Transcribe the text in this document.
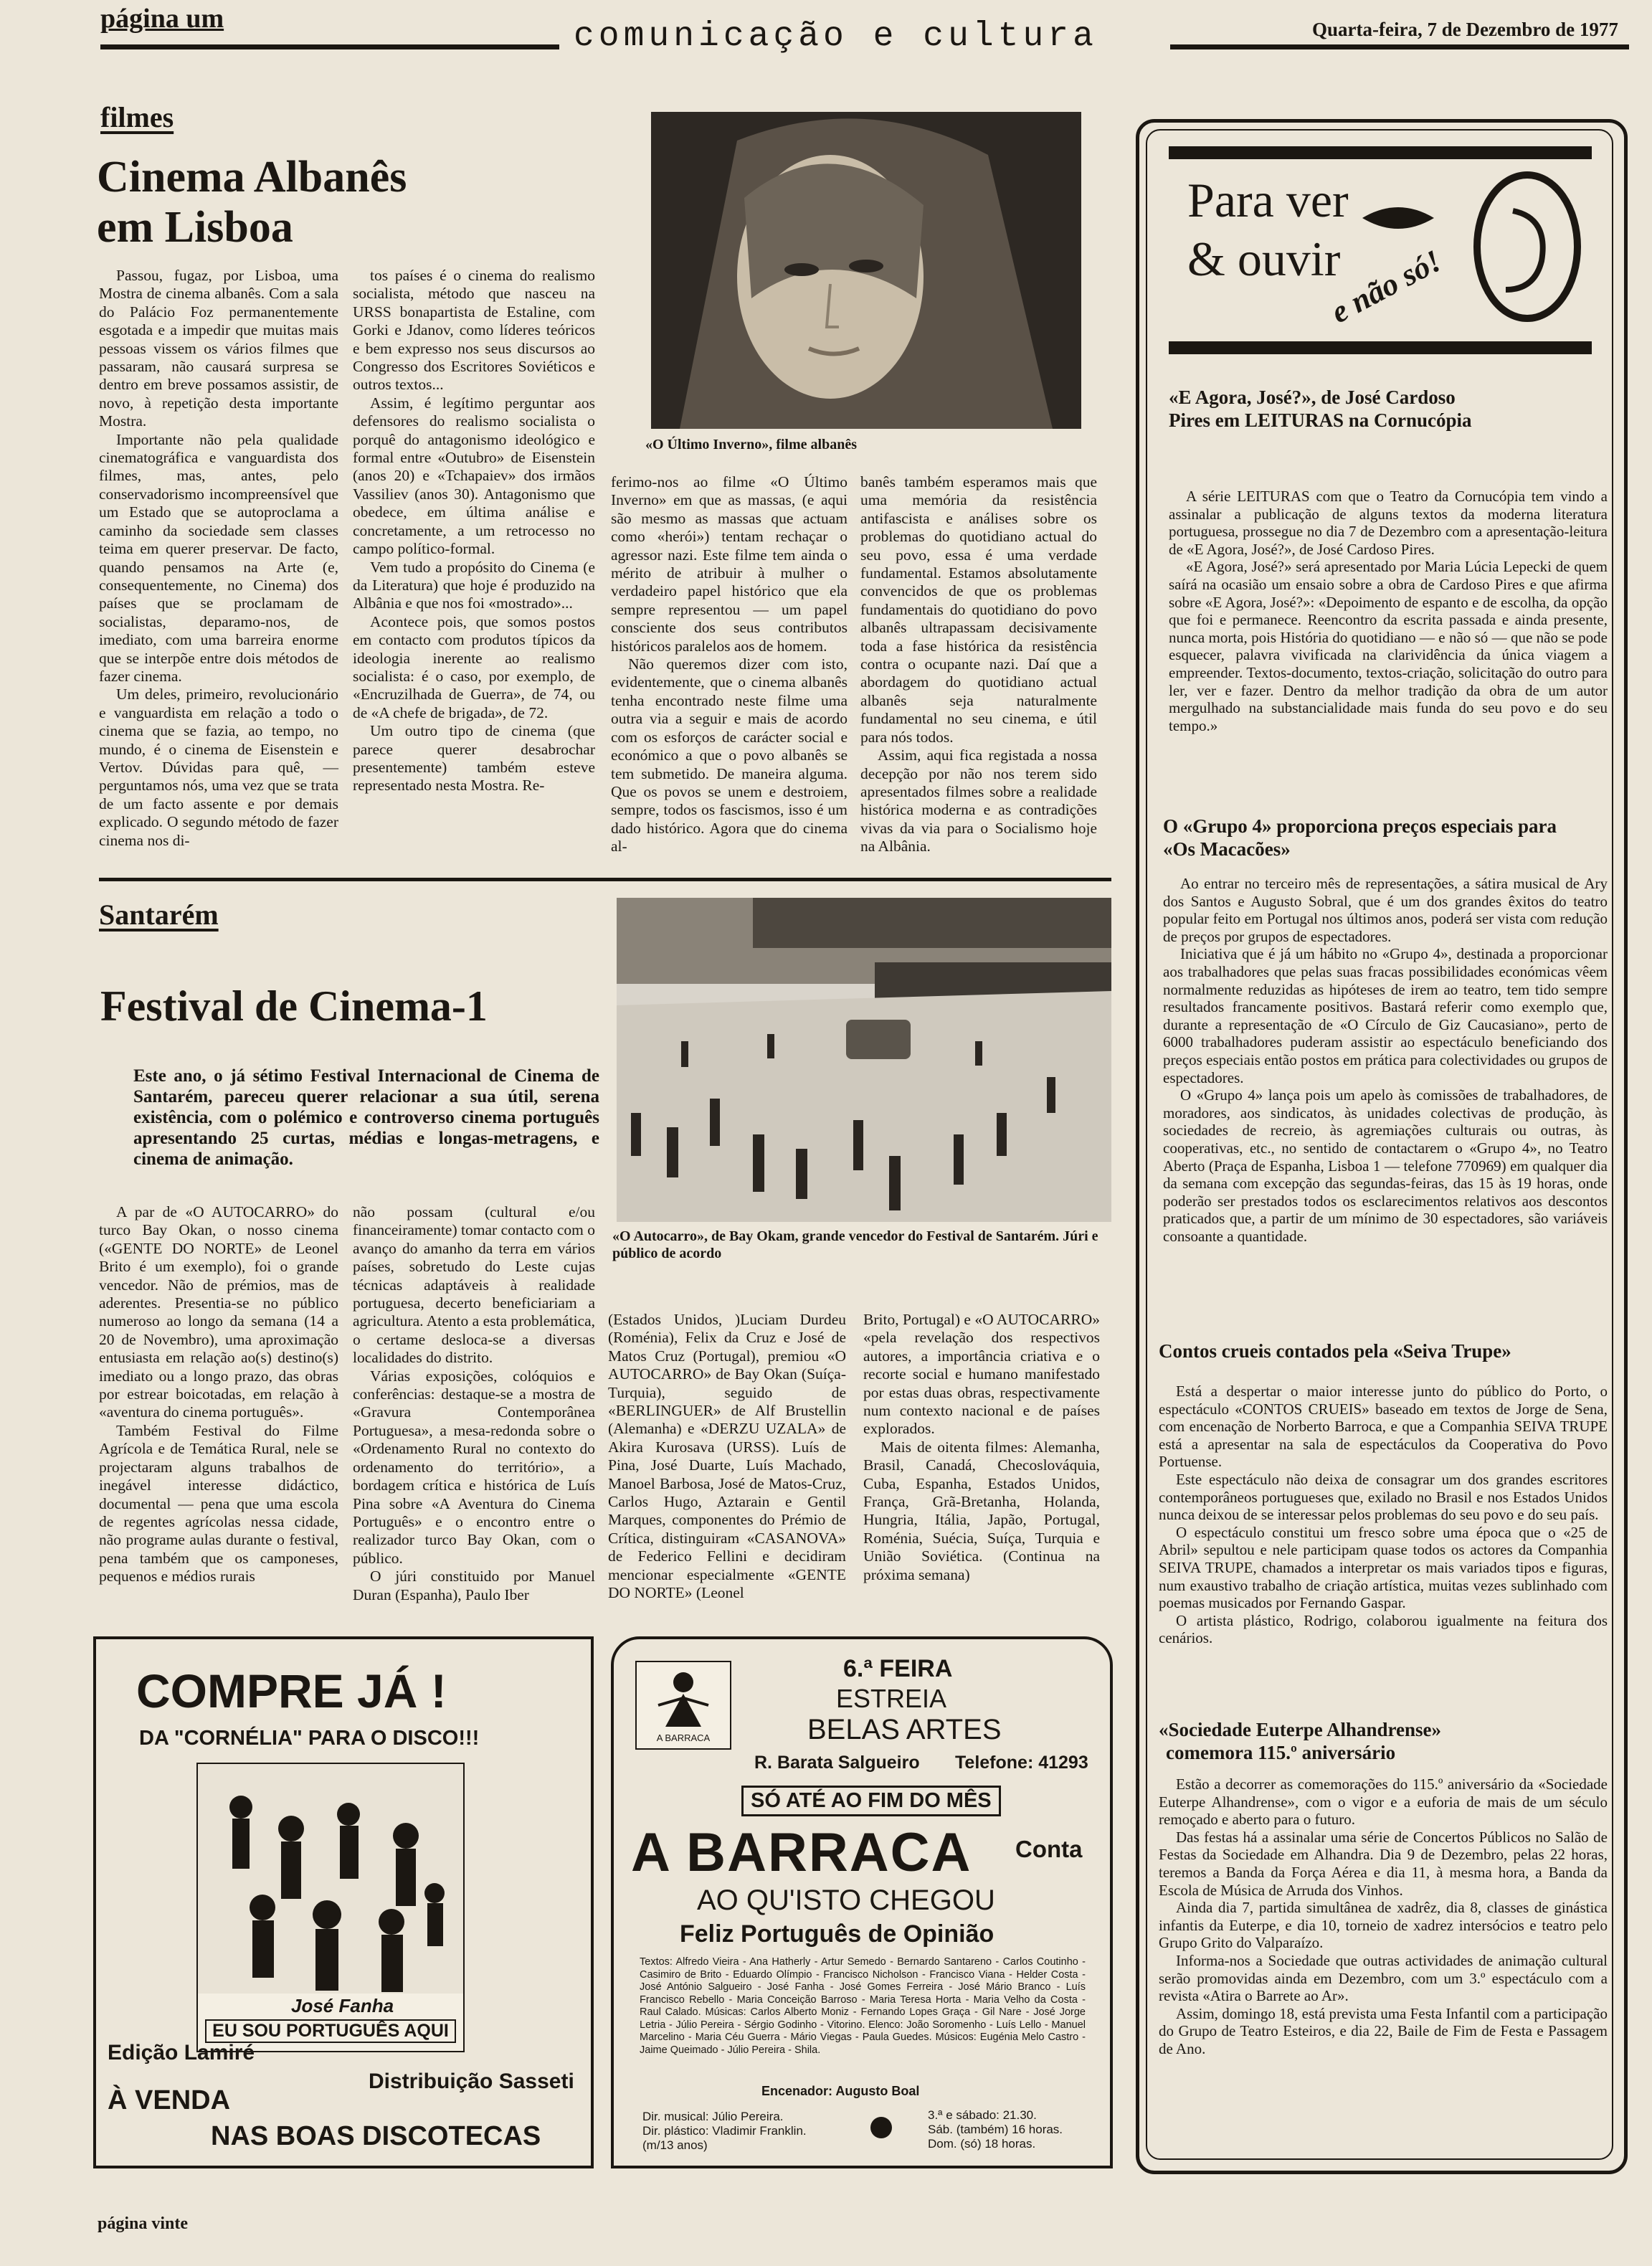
página um	comunicação e cultura	Quarta-feira, 7 de Dezembro de 1977
filmes
Cinema Albanês
em Lisboa
«O Último Inverno», filme albanês

Passou, fugaz, por Lisboa, uma Mostra de cinema albanês. Com a sala do Palácio Foz permanentemente esgotada e a impedir que muitas mais pessoas vissem os vários filmes que passaram, não causará surpresa se dentro em breve possamos assistir, de novo, à repetição desta importante Mostra.

Importante não pela qualidade cinematográfica e vanguardista dos filmes, mas, antes, pelo conservadorismo incompreensível que um Estado que se autoproclama a caminho da sociedade sem classes teima em querer preservar. De facto, quando pensamos na Arte (e, consequentemente, no Cinema) dos países que se proclamam de socialistas, deparamo-nos, de imediato, com uma barreira enorme que se interpõe entre dois métodos de fazer cinema.

Um deles, primeiro, revolucionário e vanguardista em relação a todo o cinema que se fazia, ao tempo, no mundo, é o cinema de Eisenstein e Vertov. Dúvidas para quê, — perguntamos nós, uma vez que se trata de um facto assente e por demais explicado. O segundo método de fazer cinema nos di-

tos países é o cinema do realismo socialista, método que nasceu na URSS bonapartista de Estaline, com Gorki e Jdanov, como líderes teóricos e bem expresso nos seus discursos ao Congresso dos Escritores Soviéticos e outros textos...

Assim, é legítimo perguntar aos defensores do realismo socialista o porquê do antagonismo ideológico e formal entre «Outubro» de Eisenstein (anos 20) e «Tchapaiev» dos irmãos Vassiliev (anos 30). Antagonismo que obedece, em última análise e concretamente, a um retrocesso no campo político-formal.

Vem tudo a propósito do Cinema (e da Literatura) que hoje é produzido na Albânia e que nos foi «mostrado»...

Acontece pois, que somos postos em contacto com produtos típicos da ideologia inerente ao realismo socialista: é o caso, por exemplo, de «Encruzilhada de Guerra», de 74, ou de «A chefe de brigada», de 72.

Um outro tipo de cinema (que parece querer desabrochar presentemente) também esteve representado nesta Mostra. Re-

ferimo-nos ao filme «O Último Inverno» em que as massas, (e aqui são mesmo as massas que actuam como «herói») tentam rechaçar o agressor nazi. Este filme tem ainda o mérito de atribuir à mulher o verdadeiro papel histórico que ela sempre representou — um papel consciente dos seus contributos históricos paralelos aos de homem.

Não queremos dizer com isto, evidentemente, que o cinema albanês tenha encontrado neste filme uma outra via a seguir e mais de acordo com os esforços de carácter social e económico a que o povo albanês se tem submetido. De maneira alguma. Que os povos se unem e destroiem, sempre, todos os fascismos, isso é um dado histórico. Agora que do cinema al-

banês também esperamos mais que uma memória da resistência antifascista e análises sobre os problemas do quotidiano actual do seu povo, essa é uma verdade fundamental. Estamos absolutamente convencidos de que os problemas fundamentais do quotidiano do povo albanês ultrapassam decisivamente toda a fase histórica da resistência contra o ocupante nazi. Daí que a abordagem do quotidiano actual albanês seja naturalmente fundamental no seu cinema, e útil para nós todos.

Assim, aqui fica registada a nossa decepção por não nos terem sido apresentados filmes sobre a realidade histórica moderna e as contradições vivas da via para o Socialismo hoje na Albânia.

Santarém
Festival de Cinema-1
Este ano, o já sétimo Festival Internacional de Cinema de Santarém, pareceu querer relacionar a sua útil, serena existência, com o polémico e controverso cinema português apresentando 25 curtas, médias e longas-metragens, e cinema de animação.
«O Autocarro», de Bay Okam, grande vencedor do Festival de Santarém. Júri e público de acordo

A par de «O AUTOCARRO» do turco Bay Okan, o nosso cinema («GENTE DO NORTE» de Leonel Brito é um exemplo), foi o grande vencedor. Não de prémios, mas de aderentes. Presentia-se no público numeroso ao longo da semana (14 a 20 de Novembro), uma aproximação entusiasta em relação ao(s) destino(s) imediato ou a longo prazo, das obras por estrear boicotadas, em relação à «aventura do cinema português».

Também Festival do Filme Agrícola e de Temática Rural, nele se projectaram alguns trabalhos de inegável interesse didáctico, documental — pena que uma escola de regentes agrícolas nessa cidade, não programe aulas durante o festival, pena também que os camponeses, pequenos e médios rurais

não possam (cultural e/ou financeiramente) tomar contacto com o avanço do amanho da terra em vários países, sobretudo do Leste cujas técnicas adaptáveis à realidade portuguesa, decerto beneficiariam a agricultura. Atento a esta problemática, o certame desloca-se a diversas localidades do distrito.

Várias exposições, colóquios e conferências: destaque-se a mostra de «Gravura Contemporânea Portuguesa», a mesa-redonda sobre o «Ordenamento Rural no contexto do ordenamento do território», a bordagem crítica e histórica de Luís Pina sobre «A Aventura do Cinema Português» e o encontro entre o realizador turco Bay Okan, com o público.

O júri constituido por Manuel Duran (Espanha), Paulo Iber

(Estados Unidos, )Luciam Durdeu (Roménia), Felix da Cruz e José de Matos Cruz (Portugal), premiou «O AUTOCARRO» de Bay Okan (Suíça-Turquia), seguido de «BERLINGUER» de Alf Brustellin (Alemanha) e «DERZU UZALA» de Akira Kurosava (URSS). Luís de Pina, José Duarte, Luís Machado, Manoel Barbosa, José de Matos-Cruz, Carlos Hugo, Aztarain e Gentil Marques, componentes do Prémio de Crítica, distinguiram «CASANOVA» de Federico Fellini e decidiram mencionar especialmente «GENTE DO NORTE» (Leonel

Brito, Portugal) e «O AUTOCARRO» «pela revelação dos respectivos autores, a importância criativa e o recorte social e humano manifestado por estas duas obras, respectivamente num contexto nacional e de países explorados.

Mais de oitenta filmes: Alemanha, Brasil, Canadá, Checoslováquia, Cuba, Espanha, Estados Unidos, França, Grã-Bretanha, Holanda, Hungria, Itália, Japão, Portugal, Roménia, Suécia, Suíça, Turquia e União Soviética. (Continua na próxima semana)

COMPRE JÁ !
DA "CORNÉLIA" PARA O DISCO!!!
José Fanha
EU SOU PORTUGUÊS AQUI
Edição Lamiré
Distribuição Sasseti
À VENDA
NAS BOAS DISCOTECAS
A BARRACA
6.ª FEIRA
ESTREIA
BELAS ARTES
R. Barata Salgueiro Telefone: 41293
SÓ ATÉ AO FIM DO MÊS
A BARRACA Conta
AO QU'ISTO CHEGOU
Feliz Português de Opinião
Textos: Alfredo Vieira - Ana Hatherly - Artur Semedo - Bernardo Santareno - Carlos Coutinho - Casimiro de Brito - Eduardo Olímpio - Francisco Nicholson - Francisco Viana - Helder Costa - José António Salgueiro - José Fanha - José Gomes Ferreira - José Mário Branco - Luís Francisco Rebello - Maria Conceição Barroso - Maria Teresa Horta - Maria Velho da Costa - Raul Calado. Músicas: Carlos Alberto Moniz - Fernando Lopes Graça - Gil Nare - José Jorge Letria - Júlio Pereira - Sérgio Godinho - Vitorino. Elenco: João Soromenho - Luís Lello - Manuel Marcelino - Maria Céu Guerra - Mário Viegas - Paula Guedes. Músicos: Eugénia Melo Castro - Jaime Queimado - Júlio Pereira - Shila.
Encenador: Augusto Boal
Dir. musical: Júlio Pereira.
Dir. plástico: Vladimir Franklin.
(m/13 anos)
3.ª e sábado: 21.30.
Sáb. (também) 16 horas.
Dom. (só) 18 horas.
Para ver
& ouvir
e não só!
«E Agora, José?», de José Cardoso Pires em LEITURAS na Cornucópia

A série LEITURAS com que o Teatro da Cornucópia tem vindo a assinalar a publicação de alguns textos da moderna literatura portuguesa, prossegue no dia 7 de Dezembro com a apresentação-leitura de «E Agora, José?», de José Cardoso Pires.

«E Agora, José?» será apresentado por Maria Lúcia Lepecki de quem saírá na ocasião um ensaio sobre a obra de Cardoso Pires e que afirma sobre «E Agora, José?»: «Depoimento de espanto e de escolha, da opção que foi e permanece. Reencontro da escrita passada e ainda presente, nunca morta, pois História do quotidiano — e não só — que não se pode esquecer, palavra vivificada na clarividência da única viagem a empreender. Textos-documento, textos-criação, solicitação do outro para ler, ver e fazer. Dentro da melhor tradição da obra de um autor mergulhado na substancialidade mais funda do seu povo e do seu tempo.»

O «Grupo 4» proporciona preços especiais para «Os Macacões»

Ao entrar no terceiro mês de representações, a sátira musical de Ary dos Santos e Augusto Sobral, que é um dos grandes êxitos do teatro popular feito em Portugal nos últimos anos, poderá ser vista com redução de preços por grupos de espectadores.

Iniciativa que é já um hábito no «Grupo 4», destinada a proporcionar aos trabalhadores que pelas suas fracas possibilidades económicas vêem normalmente reduzidas as hipóteses de irem ao teatro, tem tido sempre resultados francamente positivos. Bastará referir como exemplo que, durante a representação de «O Círculo de Giz Caucasiano», perto de 6000 trabalhadores puderam assistir ao espectáculo beneficiando dos preços especiais então postos em prática para colectividades ou grupos de espectadores.

O «Grupo 4» lança pois um apelo às comissões de trabalhadores, de moradores, aos sindicatos, às unidades colectivas de produção, às sociedades de recreio, às agremiações culturais ou outras, às cooperativas, etc., no sentido de contactarem o «Grupo 4», no Teatro Aberto (Praça de Espanha, Lisboa 1 — telefone 770969) em qualquer dia da semana com excepção das segundas-feiras, das 15 às 19 horas, onde poderão ser prestados todos os esclarecimentos relativos aos descontos praticados que, a partir de um mínimo de 30 espectadores, são variáveis consoante a quantidade.

Contos crueis contados pela «Seiva Trupe»

Está a despertar o maior interesse junto do público do Porto, o espectáculo «CONTOS CRUEIS» baseado em textos de Jorge de Sena, com encenação de Norberto Barroca, e que a Companhia SEIVA TRUPE está a apresentar na sala de espectáculos da Cooperativa do Povo Portuense.

Este espectáculo não deixa de consagrar um dos grandes escritores contemporâneos portugueses que, exilado no Brasil e nos Estados Unidos nunca deixou de se interessar pelos problemas do seu povo e do seu país.

O espectáculo constitui um fresco sobre uma época que o «25 de Abril» sepultou e nele participam quase todos os actores da Companhia SEIVA TRUPE, chamados a interpretar os mais variados tipos e figuras, num exaustivo trabalho de criação artística, muitas vezes sublinhado com poemas musicados por Fernando Gaspar.

O artista plástico, Rodrigo, colaborou igualmente na feitura dos cenários.

«Sociedade Euterpe Alhandrense»
comemora 115.º aniversário

Estão a decorrer as comemorações do 115.º aniversário da «Sociedade Euterpe Alhandrense», com o vigor e a euforia de mais de um século remoçado e aberto para o futuro.

Das festas há a assinalar uma série de Concertos Públicos no Salão de Festas da Sociedade em Alhandra. Dia 9 de Dezembro, pelas 22 horas, teremos a Banda da Força Aérea e dia 11, à mesma hora, a Banda da Escola de Música de Arruda dos Vinhos.

Ainda dia 7, partida simultânea de xadrêz, dia 8, classes de ginástica infantis da Euterpe, e dia 10, torneio de xadrez intersócios e teatro pelo Grupo Grito do Valparaízo.

Informa-nos a Sociedade que outras actividades de animação cultural serão promovidas ainda em Dezembro, com um 3.º espectáculo com a revista «Atira o Barrete ao Ar».

Assim, domingo 18, está prevista uma Festa Infantil com a participação do Grupo de Teatro Esteiros, e dia 22, Baile de Fim de Festa e Passagem de Ano.

página vinte
